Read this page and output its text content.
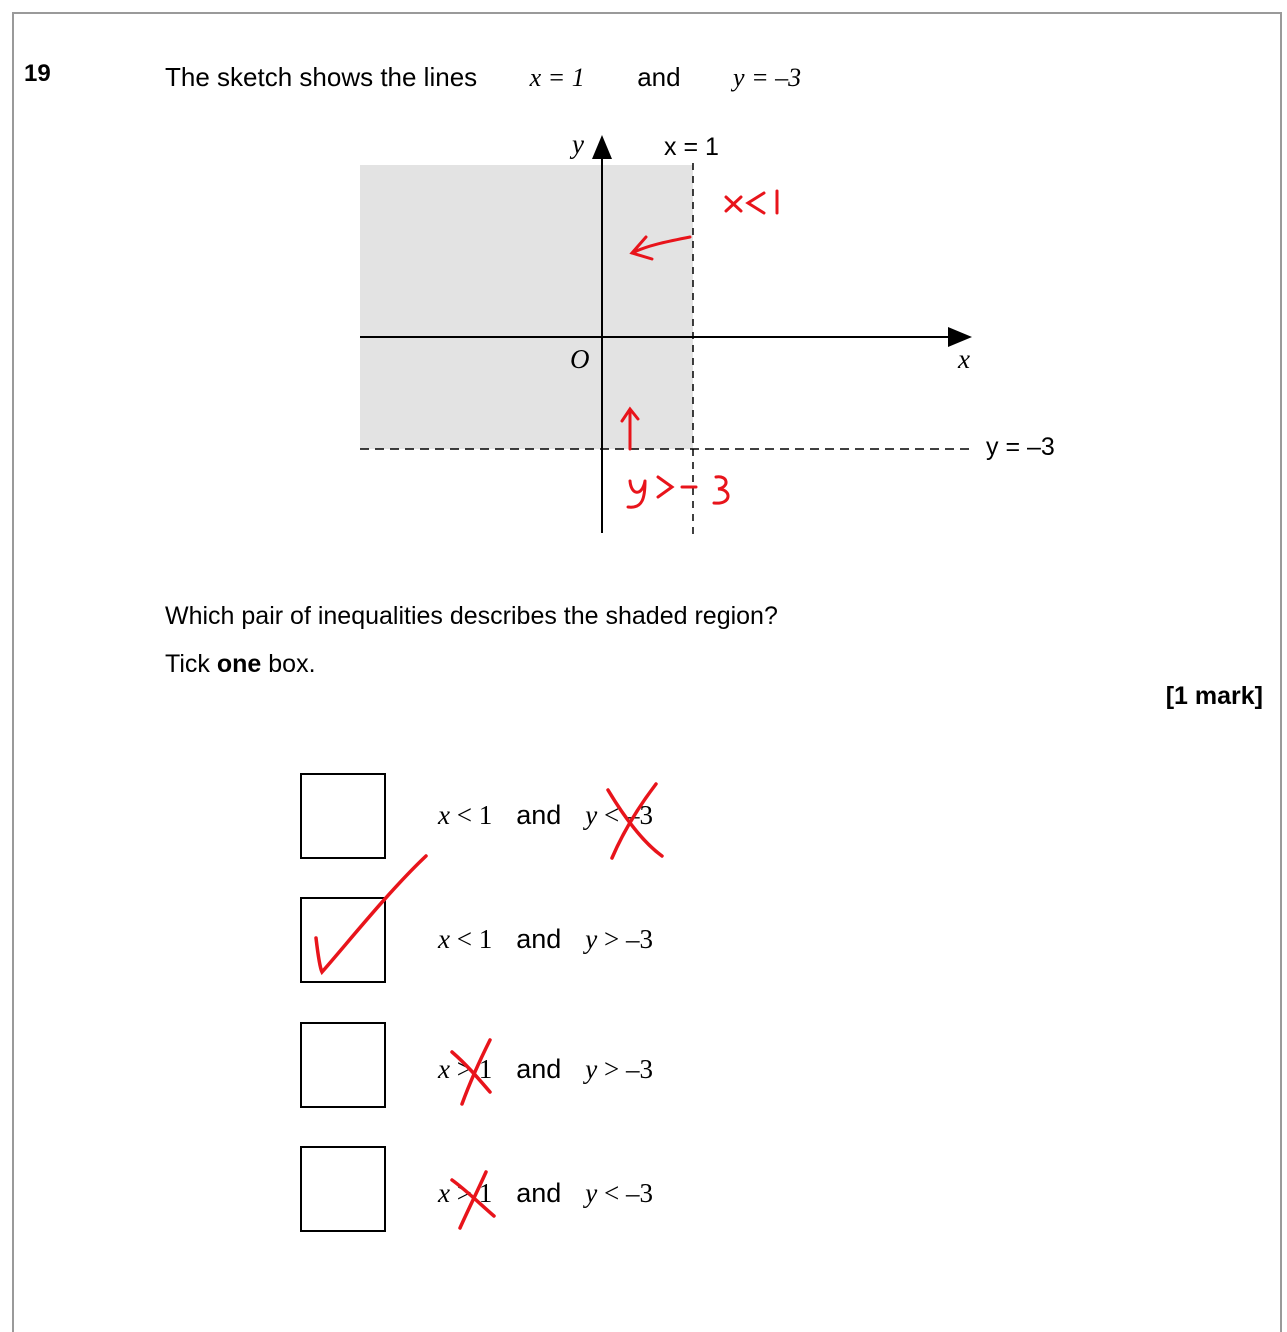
19	The sketch shows the lines x = 1 and y = –3
y
x
O
x = 1
y = –3
Which pair of inequalities describes the shaded region?
Tick one box.
[1 mark]
x < 1 and y < –3
x < 1 and y > –3
x > 1 and y > –3
x > 1 and y < –3
